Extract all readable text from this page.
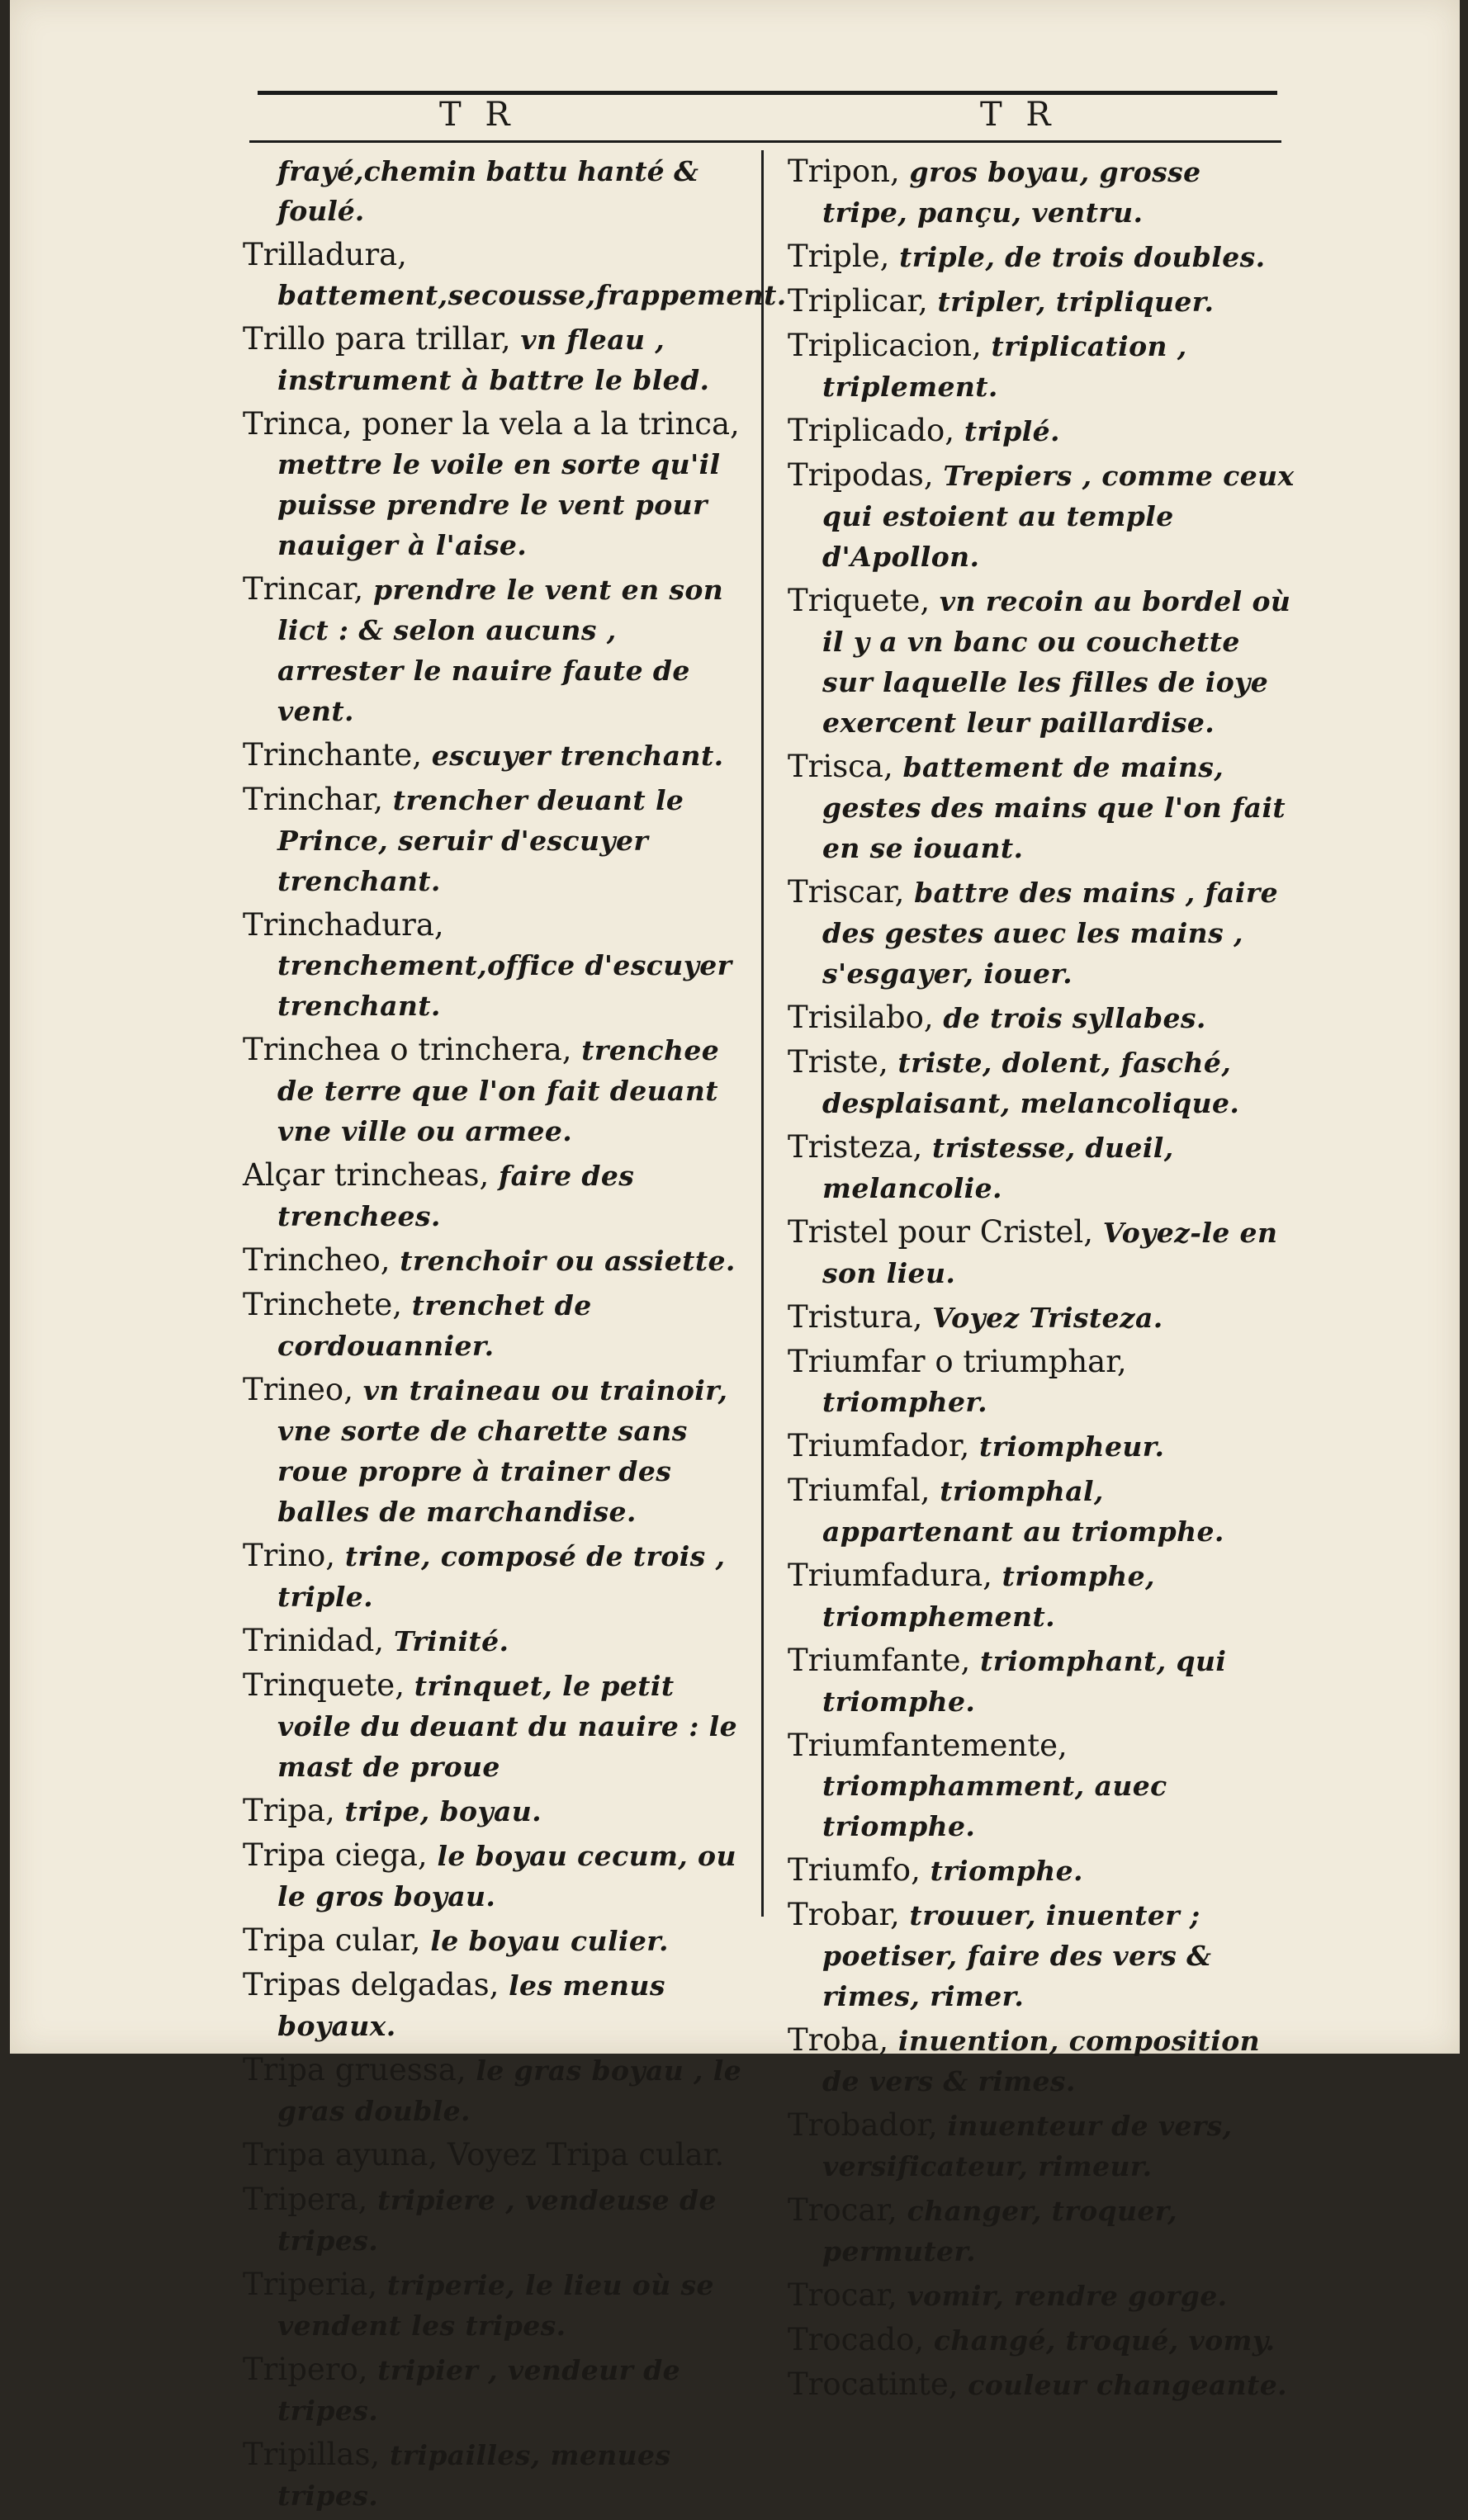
T R	T R
frayé,chemin battu hanté & foulé.
Trilladura, battement,secousse,frappement.
Trillo para trillar, vn fleau , instrument à battre le bled.
Trinca, poner la vela a la trinca, mettre le voile en sorte qu'il puisse prendre le vent pour nauiger à l'aise.
Trincar, prendre le vent en son lict : & selon aucuns , arrester le nauire faute de vent.
Trinchante, escuyer trenchant.
Trinchar, trencher deuant le Prince, seruir d'escuyer trenchant.
Trinchadura, trenchement,office d'escuyer trenchant.
Trinchea o trinchera, trenchee de terre que l'on fait deuant vne ville ou armee.
Alçar trincheas, faire des trenchees.
Trincheo, trenchoir ou assiette.
Trinchete, trenchet de cordouannier.
Trineo, vn traineau ou trainoir, vne sorte de charette sans roue propre à trainer des balles de marchandise.
Trino, trine, composé de trois , triple.
Trinidad, Trinité.
Trinquete, trinquet, le petit voile du deuant du nauire : le mast de proue
Tripa, tripe, boyau.
Tripa ciega, le boyau cecum, ou le gros boyau.
Tripa cular, le boyau culier.
Tripas delgadas, les menus boyaux.
Tripa gruessa, le gras boyau , le gras double.
Tripa ayuna, Voyez Tripa cular.
Tripera, tripiere , vendeuse de tripes.
Triperia, triperie, le lieu où se vendent les tripes.
Tripero, tripier , vendeur de tripes.
Tripillas, tripailles, menues tripes.
Tripon, gros boyau, grosse tripe, pançu, ventru.
Triple, triple, de trois doubles.
Triplicar, tripler, tripliquer.
Triplicacion, triplication , triplement.
Triplicado, triplé.
Tripodas, Trepiers , comme ceux qui estoient au temple d'Apollon.
Triquete, vn recoin au bordel où il y a vn banc ou couchette sur laquelle les filles de ioye exercent leur paillardise.
Trisca, battement de mains, gestes des mains que l'on fait en se iouant.
Triscar, battre des mains , faire des gestes auec les mains , s'esgayer, iouer.
Trisilabo, de trois syllabes.
Triste, triste, dolent, fasché, desplaisant, melancolique.
Tristeza, tristesse, dueil, melancolie.
Tristel pour Cristel, Voyez-le en son lieu.
Tristura, Voyez Tristeza.
Triumfar o triumphar, triompher.
Triumfador, triompheur.
Triumfal, triomphal, appartenant au triomphe.
Triumfadura, triomphe, triomphement.
Triumfante, triomphant, qui triomphe.
Triumfantemente, triomphamment, auec triomphe.
Triumfo, triomphe.
Trobar, trouuer, inuenter ; poetiser, faire des vers & rimes, rimer.
Troba, inuention, composition de vers & rimes.
Trobador, inuenteur de vers, versificateur, rimeur.
Trocar, changer, troquer, permuter.
Trocar, vomir, rendre gorge.
Trocado, changé, troqué, vomy.
Trocatinte, couleur changeante.
